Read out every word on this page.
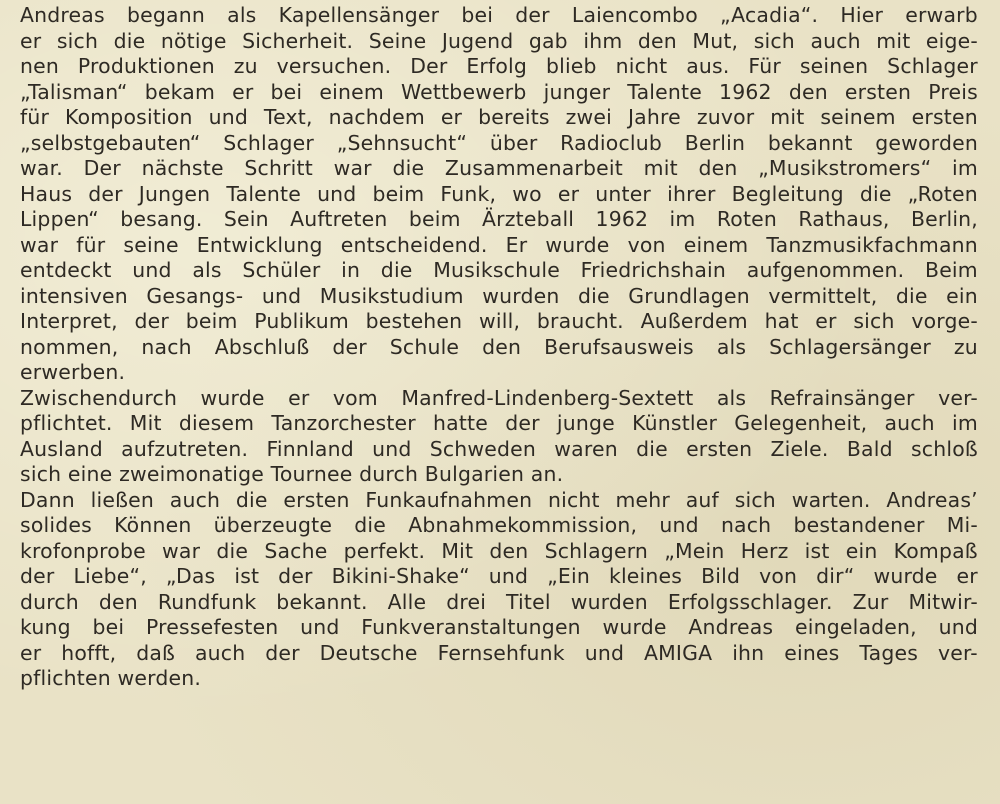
Andreas begann als Kapellensänger bei der Laiencombo „Acadia“. Hier erwarb
er sich die nötige Sicherheit. Seine Jugend gab ihm den Mut, sich auch mit eige-
nen Produktionen zu versuchen. Der Erfolg blieb nicht aus. Für seinen Schlager
„Talisman“ bekam er bei einem Wettbewerb junger Talente 1962 den ersten Preis
für Komposition und Text, nachdem er bereits zwei Jahre zuvor mit seinem ersten
„selbstgebauten“ Schlager „Sehnsucht“ über Radioclub Berlin bekannt geworden
war. Der nächste Schritt war die Zusammenarbeit mit den „Musikstromers“ im
Haus der Jungen Talente und beim Funk, wo er unter ihrer Begleitung die „Roten
Lippen“ besang. Sein Auftreten beim Ärzteball 1962 im Roten Rathaus, Berlin,
war für seine Entwicklung entscheidend. Er wurde von einem Tanzmusikfachmann
entdeckt und als Schüler in die Musikschule Friedrichshain aufgenommen. Beim
intensiven Gesangs- und Musikstudium wurden die Grundlagen vermittelt, die ein
Interpret, der beim Publikum bestehen will, braucht. Außerdem hat er sich vorge-
nommen, nach Abschluß der Schule den Berufsausweis als Schlagersänger zu
erwerben.
Zwischendurch wurde er vom Manfred-Lindenberg-Sextett als Refrainsänger ver-
pflichtet. Mit diesem Tanzorchester hatte der junge Künstler Gelegenheit, auch im
Ausland aufzutreten. Finnland und Schweden waren die ersten Ziele. Bald schloß
sich eine zweimonatige Tournee durch Bulgarien an.
Dann ließen auch die ersten Funkaufnahmen nicht mehr auf sich warten. Andreas’
solides Können überzeugte die Abnahmekommission, und nach bestandener Mi-
krofonprobe war die Sache perfekt. Mit den Schlagern „Mein Herz ist ein Kompaß
der Liebe“, „Das ist der Bikini-Shake“ und „Ein kleines Bild von dir“ wurde er
durch den Rundfunk bekannt. Alle drei Titel wurden Erfolgsschlager. Zur Mitwir-
kung bei Pressefesten und Funkveranstaltungen wurde Andreas eingeladen, und
er hofft, daß auch der Deutsche Fernsehfunk und AMIGA ihn eines Tages ver-
pflichten werden.
